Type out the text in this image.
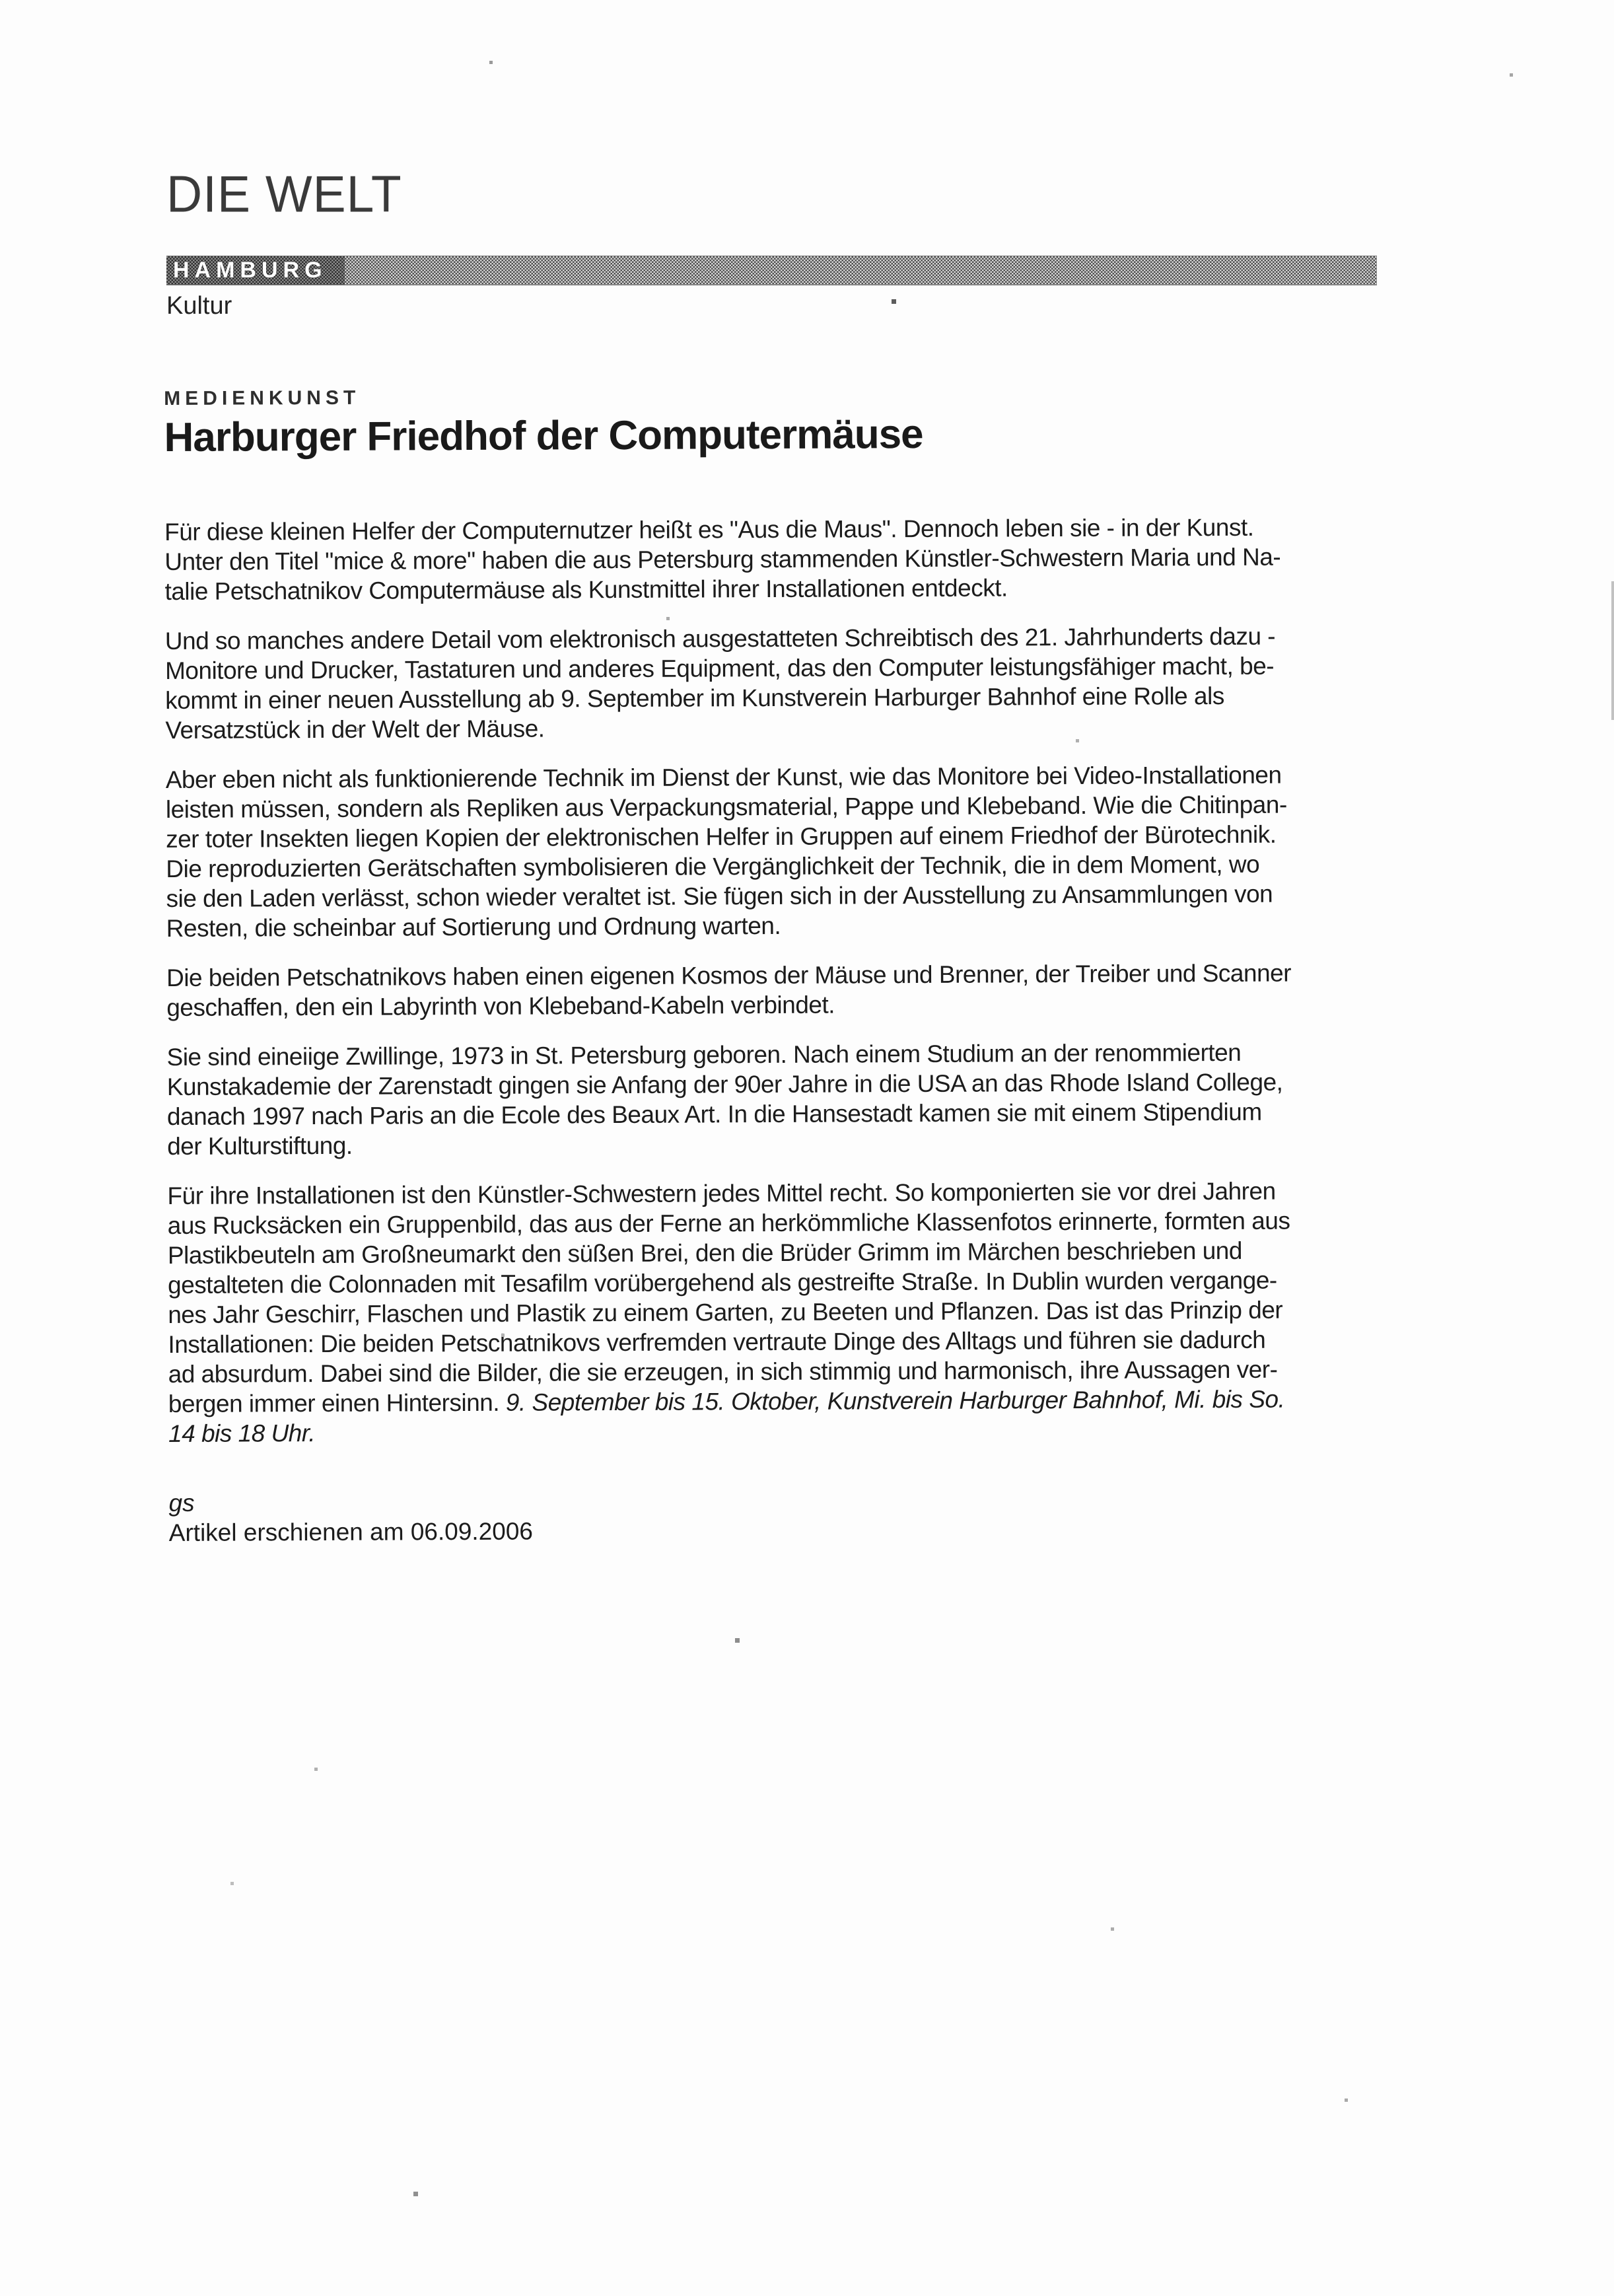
DIE WELT
HAMBURG
Kultur
MEDIENKUNST
Harburger Friedhof der Computermäuse

Für diese kleinen Helfer der Computernutzer heißt es "Aus die Maus". Dennoch leben sie - in der Kunst.
Unter den Titel "mice & more" haben die aus Petersburg stammenden Künstler-Schwestern Maria und Na-
talie Petschatnikov Computermäuse als Kunstmittel ihrer Installationen entdeckt.

Und so manches andere Detail vom elektronisch ausgestatteten Schreibtisch des 21. Jahrhunderts dazu -
Monitore und Drucker, Tastaturen und anderes Equipment, das den Computer leistungsfähiger macht, be-
kommt in einer neuen Ausstellung ab 9. September im Kunstverein Harburger Bahnhof eine Rolle als
Versatzstück in der Welt der Mäuse.

Aber eben nicht als funktionierende Technik im Dienst der Kunst, wie das Monitore bei Video-Installationen
leisten müssen, sondern als Repliken aus Verpackungsmaterial, Pappe und Klebeband. Wie die Chitinpan-
zer toter Insekten liegen Kopien der elektronischen Helfer in Gruppen auf einem Friedhof der Bürotechnik.
Die reproduzierten Gerätschaften symbolisieren die Vergänglichkeit der Technik, die in dem Moment, wo
sie den Laden verlässt, schon wieder veraltet ist. Sie fügen sich in der Ausstellung zu Ansammlungen von
Resten, die scheinbar auf Sortierung und Ordnung warten.

Die beiden Petschatnikovs haben einen eigenen Kosmos der Mäuse und Brenner, der Treiber und Scanner
geschaffen, den ein Labyrinth von Klebeband-Kabeln verbindet.

Sie sind eineiige Zwillinge, 1973 in St. Petersburg geboren. Nach einem Studium an der renommierten
Kunstakademie der Zarenstadt gingen sie Anfang der 90er Jahre in die USA an das Rhode Island College,
danach 1997 nach Paris an die Ecole des Beaux Art. In die Hansestadt kamen sie mit einem Stipendium
der Kulturstiftung.

Für ihre Installationen ist den Künstler-Schwestern jedes Mittel recht. So komponierten sie vor drei Jahren
aus Rucksäcken ein Gruppenbild, das aus der Ferne an herkömmliche Klassenfotos erinnerte, formten aus
Plastikbeuteln am Großneumarkt den süßen Brei, den die Brüder Grimm im Märchen beschrieben und
gestalteten die Colonnaden mit Tesafilm vorübergehend als gestreifte Straße. In Dublin wurden vergange-
nes Jahr Geschirr, Flaschen und Plastik zu einem Garten, zu Beeten und Pflanzen. Das ist das Prinzip der
Installationen: Die beiden Petschatnikovs verfremden vertraute Dinge des Alltags und führen sie dadurch
ad absurdum. Dabei sind die Bilder, die sie erzeugen, in sich stimmig und harmonisch, ihre Aussagen ver-
bergen immer einen Hintersinn. 9. September bis 15. Oktober, Kunstverein Harburger Bahnhof, Mi. bis So.
14 bis 18 Uhr.

gs
Artikel erschienen am 06.09.2006
